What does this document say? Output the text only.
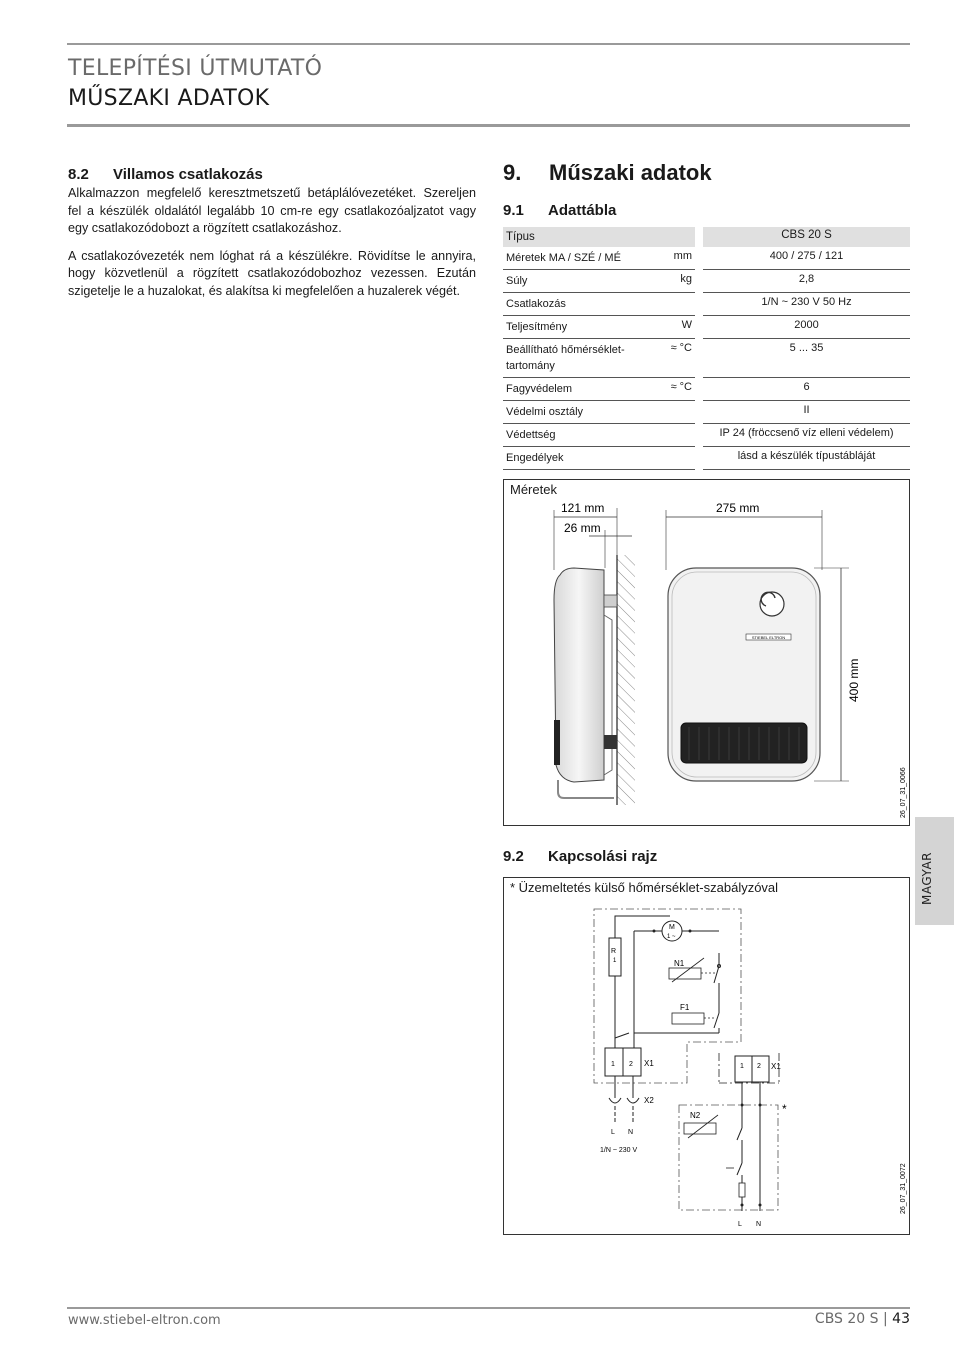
TELEPÍTÉSI ÚTMUTATÓ
MŰSZAKI ADATOK
8.2 Villamos csatlakozás

Alkalmazzon megfelelő keresztmetszetű betáplálóvezetéket. Szereljen fel a készülék oldalától legalább 10 cm-re egy csatlakozóaljzatot vagy egy csatlakozódobozt a rögzített csatlakozáshoz.

A csatlakozóvezeték nem lóghat rá a készülékre. Rövidítse le annyira, hogy közvetlenül a rögzített csatlakozódobozhoz vezessen. Ezután szigetelje le a huzalokat, és alakítsa ki megfelelően a huzalerek végét.

9. Műszaki adatok
9.1 Adattábla
Típus			CBS 20 S
Méretek MA / SZÉ / MÉ	mm		400 / 275 / 121
Súly	kg		2,8
Csatlakozás			1/N ~ 230 V 50 Hz
Teljesítmény	W		2000
Beállítható hőmérséklet-tartomány	≈ °C		5 ... 35
Fagyvédelem	≈ °C		6
Védelmi osztály			II
Védettség			IP 24 (fröccsenő víz elleni védelem)
Engedélyek			lásd a készülék típustábláját
Méretek
121 mm
26 mm
275 mm
STIEBEL ELTRON
400 mm
26_07_31_0066
9.2 Kapcsolási rajz
* Üzemeltetés külső hőmérséklet-szabályzóval
M
1 ~
R
1	N1
F1
1 2 X1
X2
L N
1/N ~ 230 V
1 2 X1
*
N2
L N
26_07_31_0072
MAGYAR
www.stiebel-eltron.com	CBS 20 S | 43
